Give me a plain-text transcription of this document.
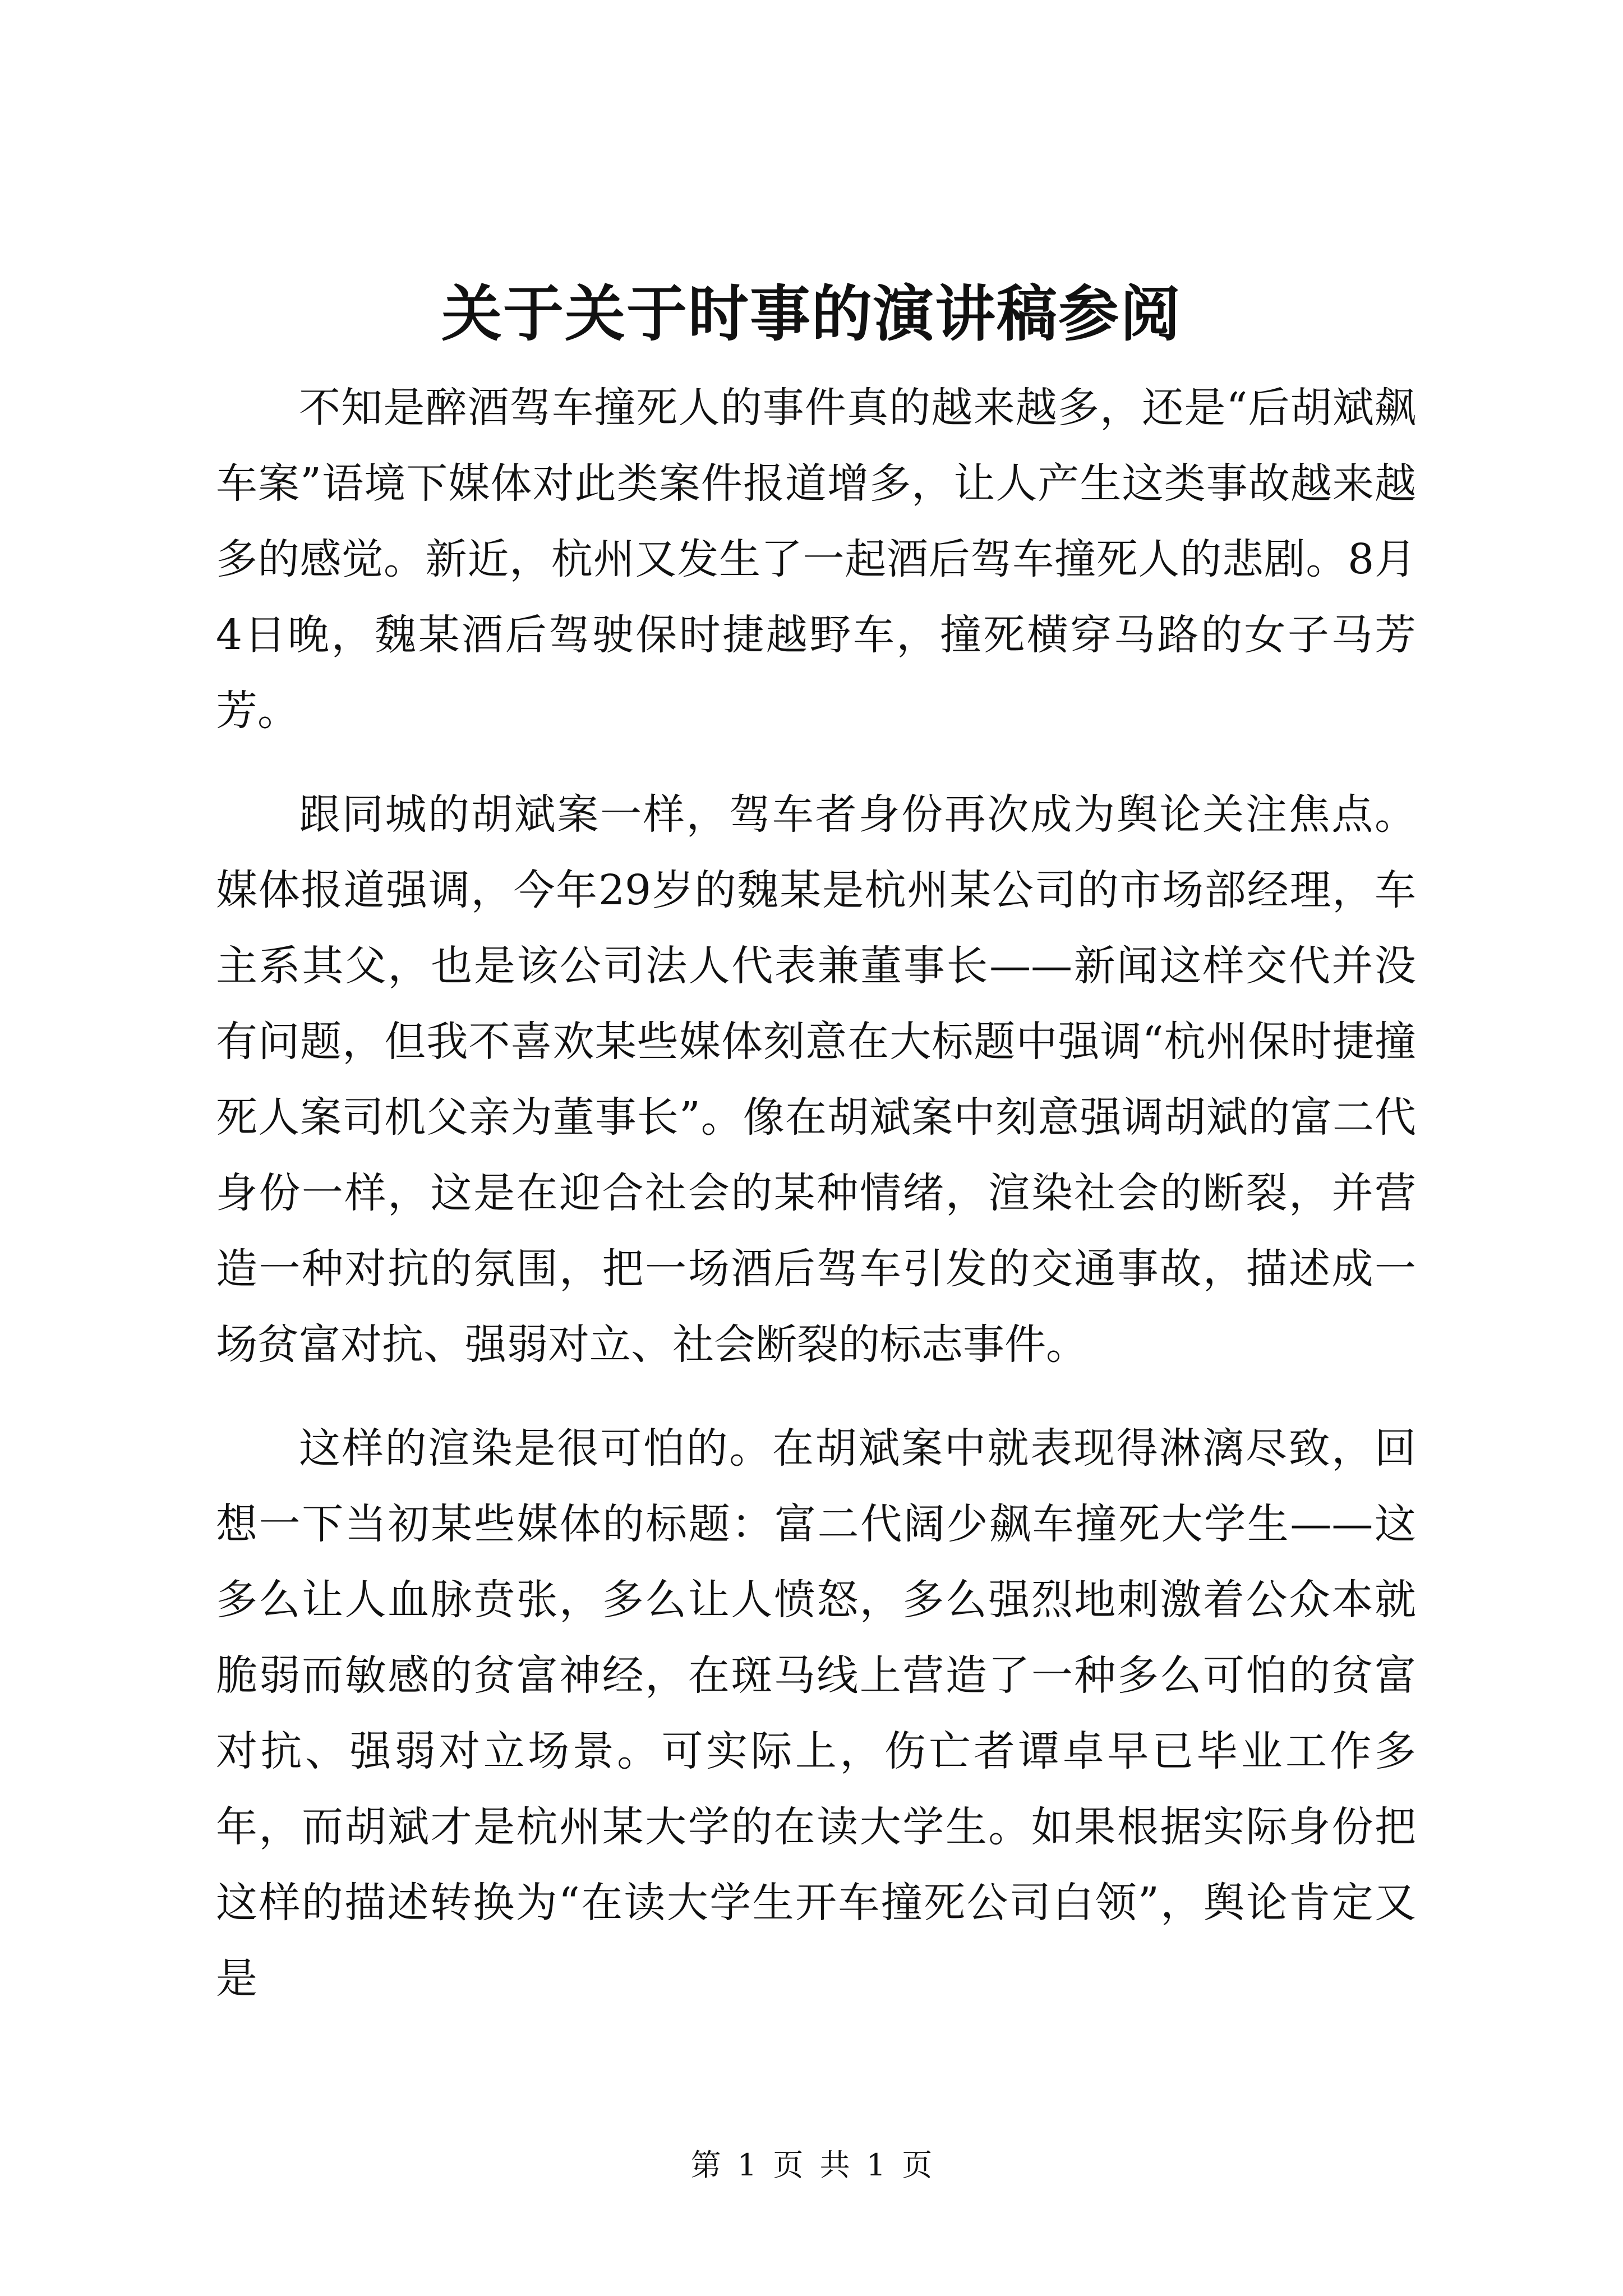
关于关于时事的演讲稿参阅

不知是醉酒驾车撞死人的事件真的越来越多，还是“后胡斌飙车案”语境下媒体对此类案件报道增多，让人产生这类事故越来越多的感觉。新近，杭州又发生了一起酒后驾车撞死人的悲剧。8月4日晚，魏某酒后驾驶保时捷越野车，撞死横穿马路的女子马芳芳。

跟同城的胡斌案一样，驾车者身份再次成为舆论关注焦点。媒体报道强调，今年29岁的魏某是杭州某公司的市场部经理，车主系其父，也是该公司法人代表兼董事长——新闻这样交代并没有问题，但我不喜欢某些媒体刻意在大标题中强调“杭州保时捷撞死人案司机父亲为董事长”。像在胡斌案中刻意强调胡斌的富二代身份一样，这是在迎合社会的某种情绪，渲染社会的断裂，并营造一种对抗的氛围，把一场酒后驾车引发的交通事故，描述成一场贫富对抗、强弱对立、社会断裂的标志事件。

这样的渲染是很可怕的。在胡斌案中就表现得淋漓尽致，回想一下当初某些媒体的标题：富二代阔少飙车撞死大学生——这多么让人血脉贲张，多么让人愤怒，多么强烈地刺激着公众本就脆弱而敏感的贫富神经，在斑马线上营造了一种多么可怕的贫富对抗、强弱对立场景。可实际上，伤亡者谭卓早已毕业工作多年，而胡斌才是杭州某大学的在读大学生。如果根据实际身份把这样的描述转换为“在读大学生开车撞死公司白领”，舆论肯定又是

第 1 页 共 1 页
